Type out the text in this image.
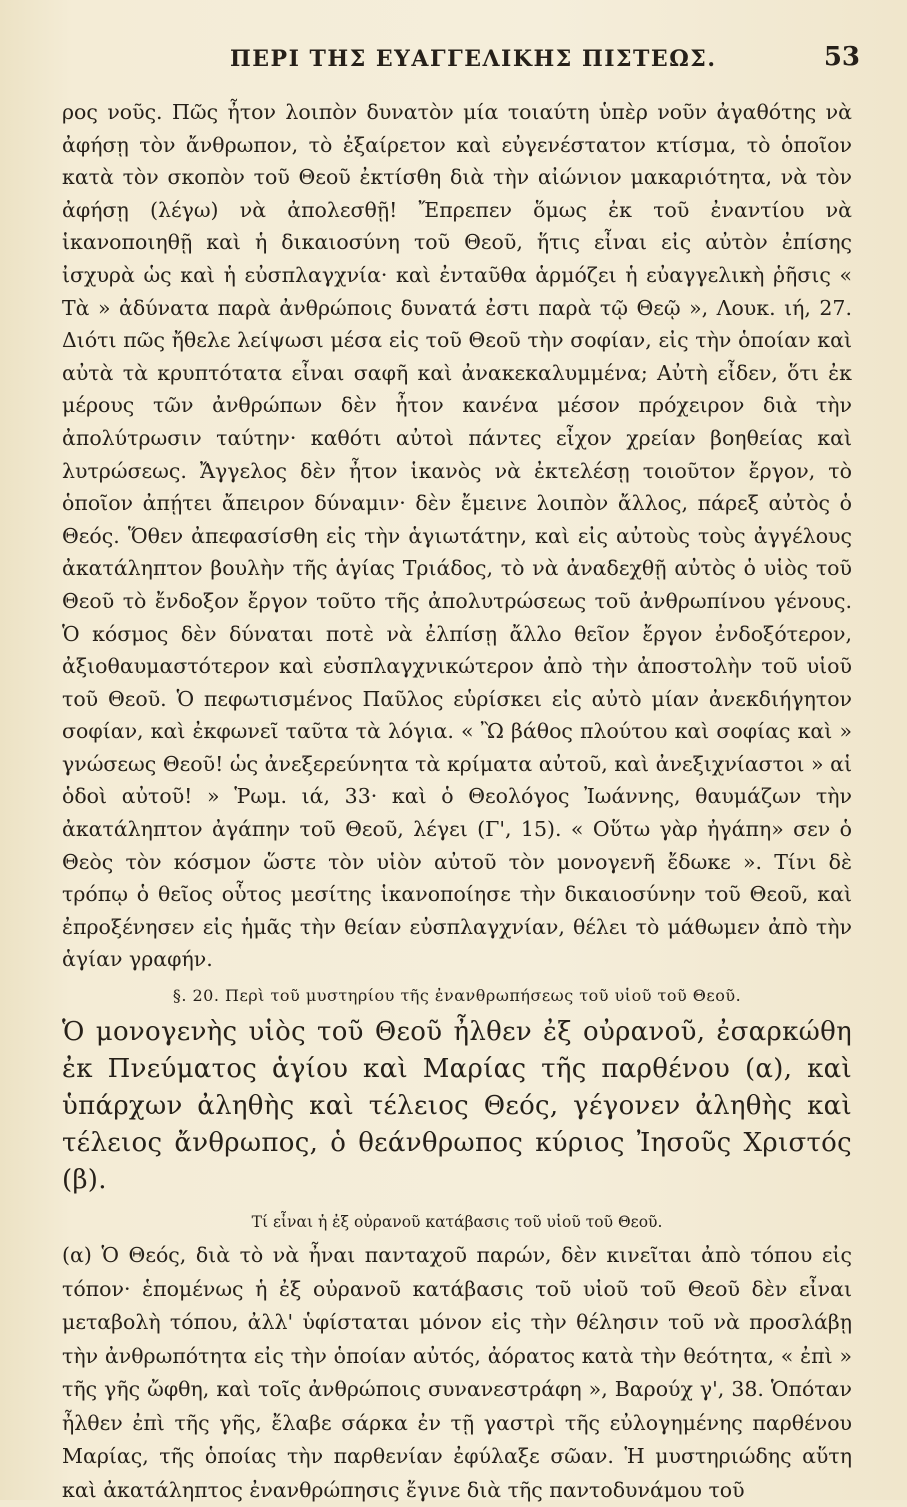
ΠΕΡΙ ΤΗΣ ΕΥΑΓΓΕΛΙΚΗΣ ΠΙΣΤΕΩΣ.	53

ρος νοῦς. Πῶς ἦτον λοιπὸν δυνατὸν μία τοιαύτη ὑπὲρ νοῦν ἀγαθότης νὰ ἀφήσῃ τὸν ἄνθρωπον, τὸ ἐξαίρετον καὶ εὐγενέστατον κτίσμα, τὸ ὁποῖον κατὰ τὸν σκοπὸν τοῦ Θεοῦ ἐκτίσθη διὰ τὴν αἰώνιον μακαριότητα, νὰ τὸν ἀφήσῃ (λέγω) νὰ ἀπολεσθῇ! Ἔπρεπεν ὅμως ἐκ τοῦ ἐναντίου νὰ ἱκανοποιηθῇ καὶ ἡ δικαιοσύνη τοῦ Θεοῦ, ἥτις εἶναι εἰς αὐτὸν ἐπίσης ἰσχυρὰ ὡς καὶ ἡ εὐσπλαγχνία· καὶ ἐνταῦθα ἁρμόζει ἡ εὐαγγελικὴ ῥῆσις « Τὰ » ἀδύνατα παρὰ ἀνθρώποις δυνατά ἐστι παρὰ τῷ Θεῷ », Λουκ. ιή, 27. Διότι πῶς ἤθελε λείψωσι μέσα εἰς τοῦ Θεοῦ τὴν σοφίαν, εἰς τὴν ὁποίαν καὶ αὐτὰ τὰ κρυπτότατα εἶναι σαφῆ καὶ ἀνακεκαλυμμένα; Αὐτὴ εἶδεν, ὅτι ἐκ μέρους τῶν ἀνθρώπων δὲν ἦτον κανένα μέσον πρόχειρον διὰ τὴν ἀπολύτρωσιν ταύτην· καθότι αὐτοὶ πάντες εἶχον χρείαν βοηθείας καὶ λυτρώσεως. Ἄγγελος δὲν ἦτον ἱκανὸς νὰ ἐκτελέσῃ τοιοῦτον ἔργον, τὸ ὁποῖον ἀπῄτει ἄπειρον δύναμιν· δὲν ἔμεινε λοιπὸν ἄλλος, πάρεξ αὐτὸς ὁ Θεός. Ὅθεν ἀπεφασίσθη εἰς τὴν ἁγιωτάτην, καὶ εἰς αὐτοὺς τοὺς ἀγγέλους ἀκατάληπτον βουλὴν τῆς ἁγίας Τριάδος, τὸ νὰ ἀναδεχθῇ αὐτὸς ὁ υἱὸς τοῦ Θεοῦ τὸ ἔνδοξον ἔργον τοῦτο τῆς ἀπολυτρώσεως τοῦ ἀνθρωπίνου γένους. Ὁ κόσμος δὲν δύναται ποτὲ νὰ ἐλπίσῃ ἄλλο θεῖον ἔργον ἐνδοξότερον, ἀξιοθαυμαστότερον καὶ εὐσπλαγχνικώτερον ἀπὸ τὴν ἀποστολὴν τοῦ υἱοῦ τοῦ Θεοῦ. Ὁ πεφωτισμένος Παῦλος εὑρίσκει εἰς αὐτὸ μίαν ἀνεκδιήγητον σοφίαν, καὶ ἐκφωνεῖ ταῦτα τὰ λόγια. « Ὢ βάθος πλούτου καὶ σοφίας καὶ » γνώσεως Θεοῦ! ὡς ἀνεξερεύνητα τὰ κρίματα αὐτοῦ, καὶ ἀνεξιχνίαστοι » αἱ ὁδοὶ αὐτοῦ! » Ῥωμ. ιά, 33· καὶ ὁ Θεολόγος Ἰωάννης, θαυμάζων τὴν ἀκατάληπτον ἀγάπην τοῦ Θεοῦ, λέγει (Γ', 15). « Οὕτω γὰρ ἠγάπη» σεν ὁ Θεὸς τὸν κόσμον ὥστε τὸν υἱὸν αὐτοῦ τὸν μονογενῆ ἔδωκε ». Τίνι δὲ τρόπῳ ὁ θεῖος οὗτος μεσίτης ἱκανοποίησε τὴν δικαιοσύνην τοῦ Θεοῦ, καὶ ἐπροξένησεν εἰς ἡμᾶς τὴν θείαν εὐσπλαγχνίαν, θέλει τὸ μάθωμεν ἀπὸ τὴν ἁγίαν γραφήν.

§. 20. Περὶ τοῦ μυστηρίου τῆς ἐνανθρωπήσεως τοῦ υἱοῦ τοῦ Θεοῦ.

Ὁ μονογενὴς υἱὸς τοῦ Θεοῦ ἦλθεν ἐξ οὐρανοῦ, ἐσαρκώθη ἐκ Πνεύματος ἁγίου καὶ Μαρίας τῆς παρθένου (α), καὶ ὑπάρχων ἀληθὴς καὶ τέλειος Θεός, γέγονεν ἀληθὴς καὶ τέλειος ἄνθρωπος, ὁ θεάνθρωπος κύριος Ἰησοῦς Χριστός (β).

Τί εἶναι ἡ ἐξ οὐρανοῦ κατάβασις τοῦ υἱοῦ τοῦ Θεοῦ.

(α) Ὁ Θεός, διὰ τὸ νὰ ἦναι πανταχοῦ παρών, δὲν κινεῖται ἀπὸ τόπου εἰς τόπον· ἑπομένως ἡ ἐξ οὐρανοῦ κατάβασις τοῦ υἱοῦ τοῦ Θεοῦ δὲν εἶναι μεταβολὴ τόπου, ἀλλ' ὑφίσταται μόνον εἰς τὴν θέλησιν τοῦ νὰ προσλάβῃ τὴν ἀνθρωπότητα εἰς τὴν ὁποίαν αὐτός, ἀόρατος κατὰ τὴν θεότητα, « ἐπὶ » τῆς γῆς ὤφθη, καὶ τοῖς ἀνθρώποις συνανεστράφη », Βαρούχ γ', 38. Ὁπόταν ἦλθεν ἐπὶ τῆς γῆς, ἔλαβε σάρκα ἐν τῇ γαστρὶ τῆς εὐλογημένης παρθένου Μαρίας, τῆς ὁποίας τὴν παρθενίαν ἐφύλαξε σῶαν. Ἡ μυστηριώδης αὕτη καὶ ἀκατάληπτος ἐνανθρώπησις ἔγινε διὰ τῆς παντοδυνάμου τοῦ
